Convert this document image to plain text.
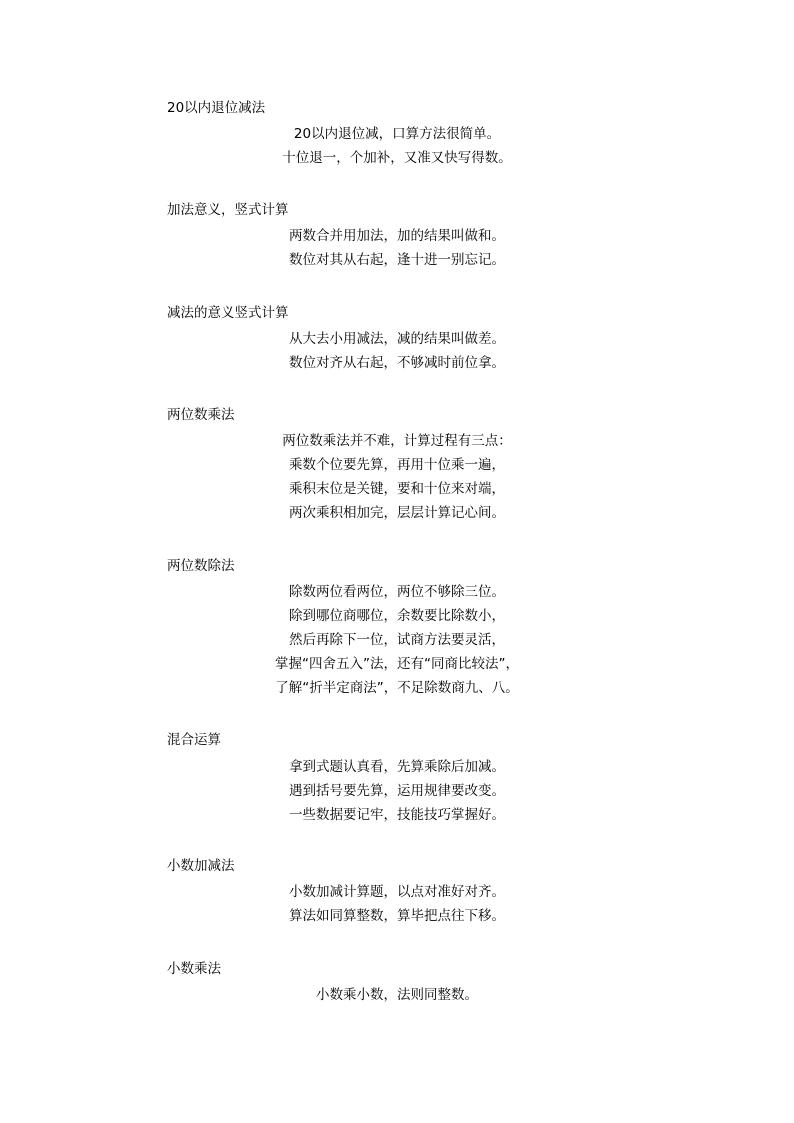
20以内退位减法
20以内退位减，口算方法很简单。
十位退一，个加补，又准又快写得数。
加法意义，竖式计算
两数合并用加法，加的结果叫做和。
数位对其从右起，逢十进一别忘记。
减法的意义竖式计算
从大去小用减法，减的结果叫做差。
数位对齐从右起，不够减时前位拿。
两位数乘法
两位数乘法并不难，计算过程有三点：
乘数个位要先算，再用十位乘一遍，
乘积末位是关键，要和十位来对端，
两次乘积相加完，层层计算记心间。
两位数除法
除数两位看两位，两位不够除三位。
除到哪位商哪位，余数要比除数小，
然后再除下一位，试商方法要灵活，
掌握“四舍五入”法，还有“同商比较法”，
了解“折半定商法”，不足除数商九、八。
混合运算
拿到式题认真看，先算乘除后加减。
遇到括号要先算，运用规律要改变。
一些数据要记牢，技能技巧掌握好。
小数加减法
小数加减计算题，以点对准好对齐。
算法如同算整数，算毕把点往下移。
小数乘法
小数乘小数，法则同整数。
